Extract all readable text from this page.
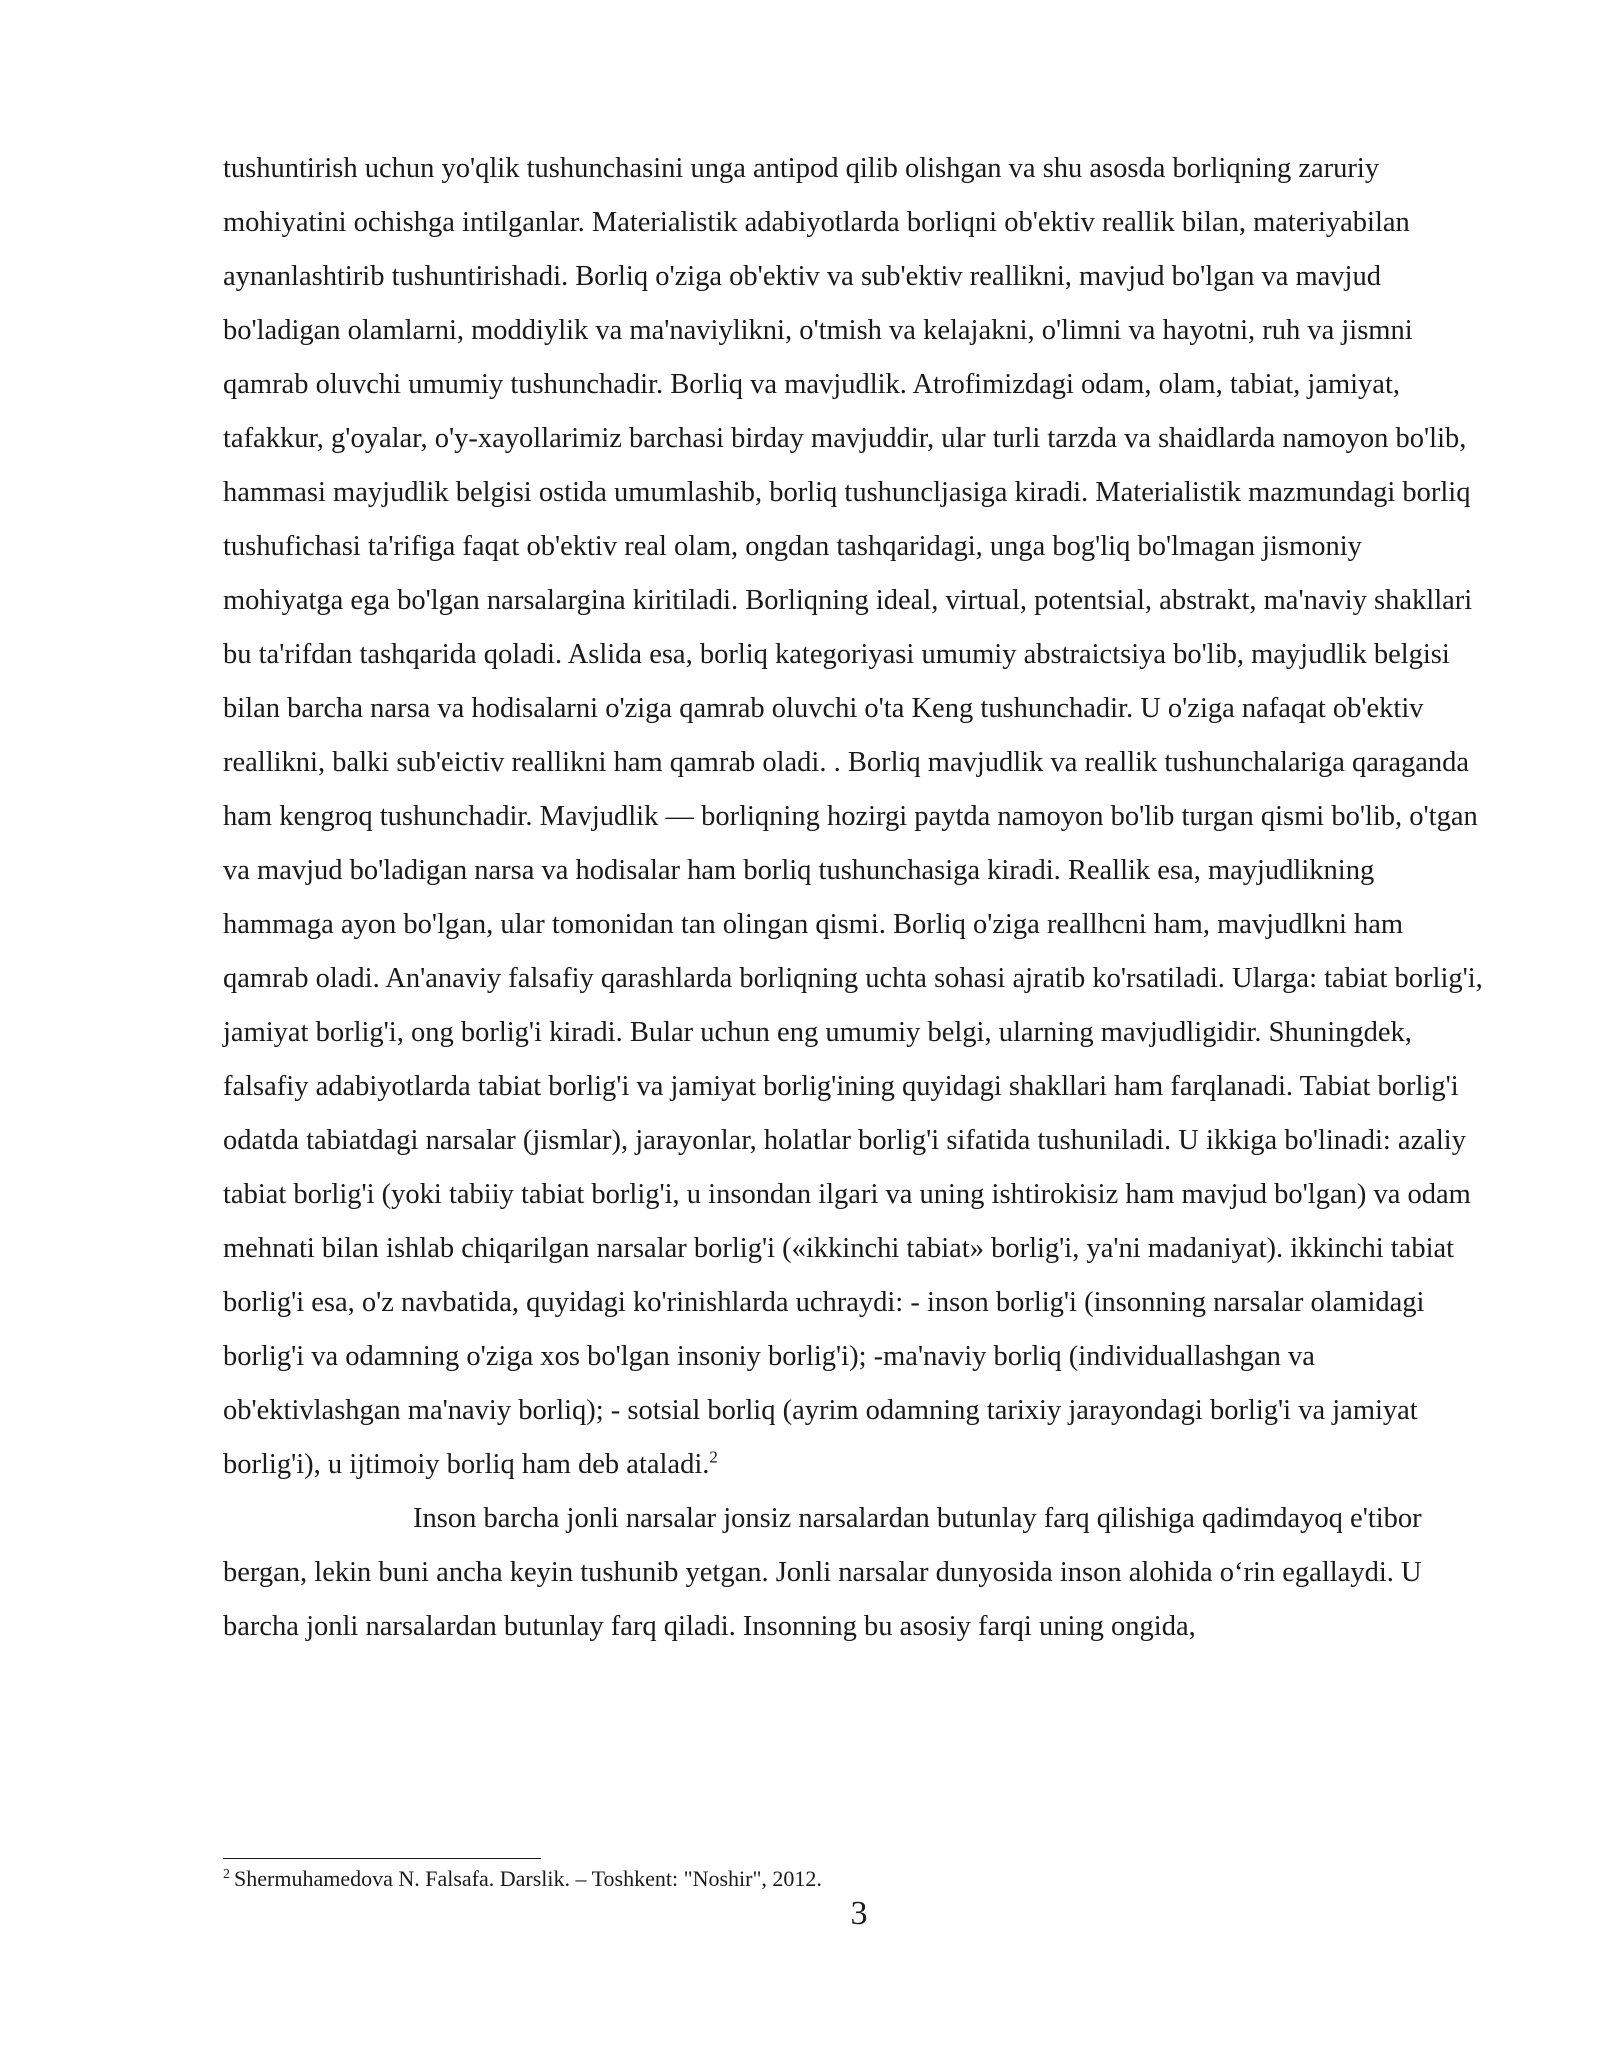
tushuntirish uchun yo'qlik tushunchasini unga antipod qilib olishgan va shu asosda borliqning zaruriy mohiyatini ochishga intilganlar. Materialistik adabiyotlarda borliqni ob'ektiv reallik bilan, materiyabilan aynanlashtirib tushuntirishadi. Borliq o'ziga ob'ektiv va sub'ektiv reallikni, mavjud bo'lgan va mavjud bo'ladigan olamlarni, moddiylik va ma'naviylikni, o'tmish va kelajakni, o'limni va hayotni, ruh va jismni qamrab oluvchi umumiy tushunchadir. Borliq va mavjudlik. Atrofimizdagi odam, olam, tabiat, jamiyat, tafakkur, g'oyalar, o'y-xayollarimiz barchasi birday mavjuddir, ular turli tarzda va shaidlarda namoyon bo'lib, hammasi mayjudlik belgisi ostida umumlashib, borliq tushuncljasiga kiradi. Materialistik mazmundagi borliq tushufichasi ta'rifiga faqat ob'ektiv real olam, ongdan tashqaridagi, unga bog'liq bo'lmagan jismoniy mohiyatga ega bo'lgan narsalargina kiritiladi. Borliqning ideal, virtual, potentsial, abstrakt, ma'naviy shakllari bu ta'rifdan tashqarida qoladi. Aslida esa, borliq kategoriyasi umumiy abstraictsiya bo'lib, mayjudlik belgisi bilan barcha narsa va hodisalarni o'ziga qamrab oluvchi o'ta Keng tushunchadir. U o'ziga nafaqat ob'ektiv reallikni, balki sub'eictiv reallikni ham qamrab oladi. . Borliq mavjudlik va reallik tushunchalariga qaraganda ham kengroq tushunchadir. Mavjudlik — borliqning hozirgi paytda namoyon bo'lib turgan qismi bo'lib, o'tgan va mavjud bo'ladigan narsa va hodisalar ham borliq tushunchasiga kiradi. Reallik esa, mayjudlikning hammaga ayon bo'lgan, ular tomonidan tan olingan qismi. Borliq o'ziga reallhcni ham, mavjudlkni ham qamrab oladi. An'anaviy falsafiy qarashlarda borliqning uchta sohasi ajratib ko'rsatiladi. Ularga: tabiat borlig'i, jamiyat borlig'i, ong borlig'i kiradi. Bular uchun eng umumiy belgi, ularning mavjudligidir. Shuningdek, falsafiy adabiyotlarda tabiat borlig'i va jamiyat borlig'ining quyidagi shakllari ham farqlanadi. Tabiat borlig'i odatda tabiatdagi narsalar (jismlar), jarayonlar, holatlar borlig'i sifatida tushuniladi. U ikkiga bo'linadi: azaliy tabiat borlig'i (yoki tabiiy tabiat borlig'i, u insondan ilgari va uning ishtirokisiz ham mavjud bo'lgan) va odam mehnati bilan ishlab chiqarilgan narsalar borlig'i («ikkinchi tabiat» borlig'i, ya'ni madaniyat). ikkinchi tabiat borlig'i esa, o'z navbatida, quyidagi ko'rinishlarda uchraydi: - inson borlig'i (insonning narsalar olamidagi borlig'i va odamning o'ziga xos bo'lgan insoniy borlig'i); -ma'naviy borliq (individuallashgan va ob'ektivlashgan ma'naviy borliq); - sotsial borliq (ayrim odamning tarixiy jarayondagi borlig'i va jamiyat borlig'i), u ijtimoiy borliq ham deb ataladi.$^2$

Inson barcha jonli narsalar jonsiz narsalardan butunlay farq qilishiga qadimdayoq e'tibor bergan, lekin buni ancha keyin tushunib yetgan. Jonli narsalar dunyosida inson alohida o‘rin egallaydi. U barcha jonli narsalardan butunlay farq qiladi. Insonning bu asosiy farqi uning ongida,

$^2$ Shermuhamedova N. Falsafa. Darslik. – Toshkent: "Noshir", 2012.
3
